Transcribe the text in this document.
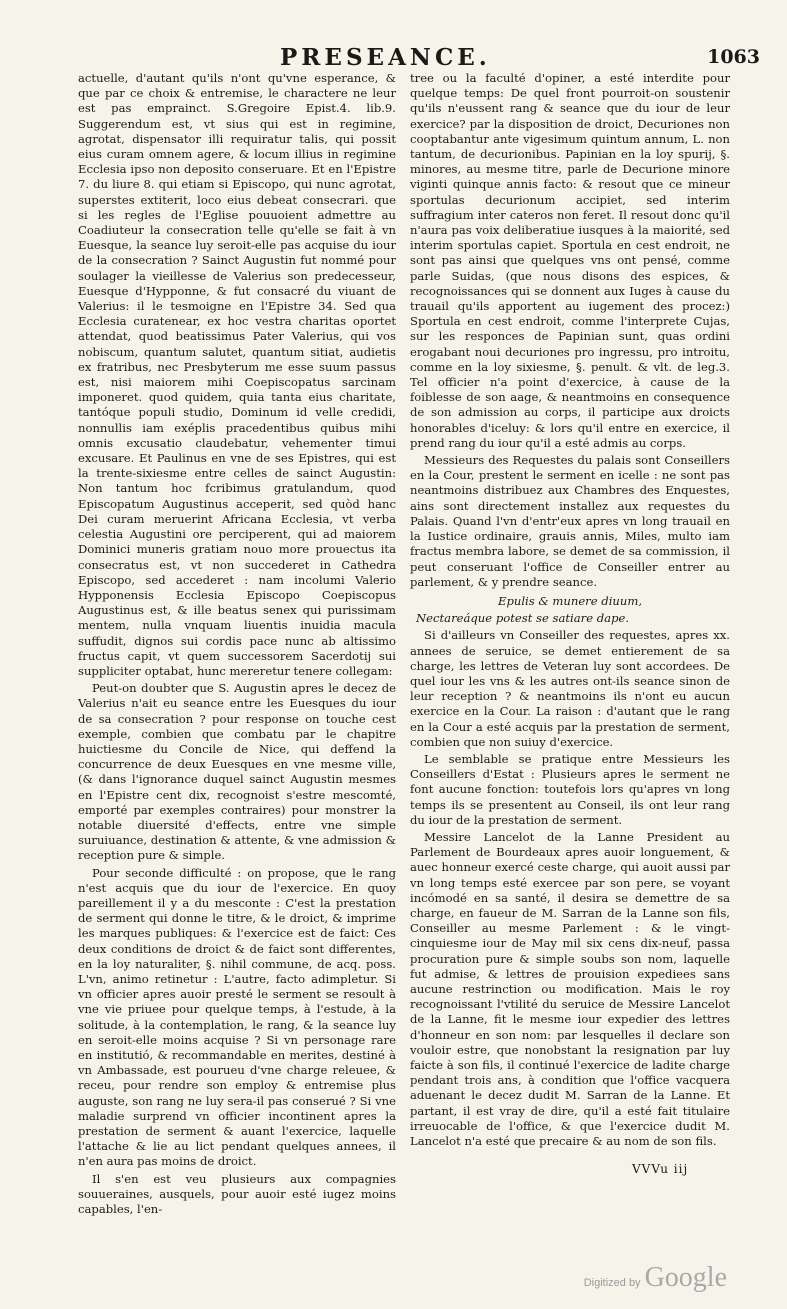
PRESEANCE.	1063

actuelle, d'autant qu'ils n'ont qu'vne esperance, & que par ce choix & entremise, le charactere ne leur est pas emprainct. S.Gregoire Epist.4. lib.9. Suggerendum est, vt sius qui est in regimine, agrotat, dispensator illi requiratur talis, qui possit eius curam omnem agere, & locum illius in regimine Ecclesia ipso non deposito conseruare. Et en l'Epistre 7. du liure 8. qui etiam si Episcopo, qui nunc agrotat, superstes extiterit, loco eius debeat consecrari. que si les regles de l'Eglise pouuoient admettre au Coadiuteur la consecration telle qu'elle se fait à vn Euesque, la seance luy seroit-elle pas acquise du iour de la consecration ? Sainct Augustin fut nommé pour soulager la vieillesse de Valerius son predecesseur, Euesque d'Hypponne, & fut consacré du viuant de Valerius: il le tesmoigne en l'Epistre 34. Sed qua Ecclesia curatenear, ex hoc vestra charitas oportet attendat, quod beatissimus Pater Valerius, qui vos nobiscum, quantum salutet, quantum sitiat, audietis ex fratribus, nec Presbyterum me esse suum passus est, nisi maiorem mihi Coepiscopatus sarcinam imponeret. quod quidem, quia tanta eius charitate, tantóque populi studio, Dominum id velle credidi, nonnullis iam exéplis pracedentibus quibus mihi omnis excusatio claudebatur, vehementer timui excusare. Et Paulinus en vne de ses Epistres, qui est la trente-sixiesme entre celles de sainct Augustin: Non tantum hoc fcribimus gratulandum, quod Episcopatum Augustinus acceperit, sed quòd hanc Dei curam meruerint Africana Ecclesia, vt verba celestia Augustini ore perciperent, qui ad maiorem Dominici muneris gratiam nouo more prouectus ita consecratus est, vt non succederet in Cathedra Episcopo, sed accederet : nam incolumi Valerio Hypponensis Ecclesia Episcopo Coepiscopus Augustinus est, & ille beatus senex qui purissimam mentem, nulla vnquam liuentis inuidia macula suffudit, dignos sui cordis pace nunc ab altissimo fructus capit, vt quem successorem Sacerdotij sui suppliciter optabat, hunc mereretur tenere collegam:

Peut-on doubter que S. Augustin apres le decez de Valerius n'ait eu seance entre les Euesques du iour de sa consecration ? pour response on touche cest exemple, combien que combatu par le chapitre huictiesme du Concile de Nice, qui deffend la concurrence de deux Euesques en vne mesme ville, (& dans l'ignorance duquel sainct Augustin mesmes en l'Epistre cent dix, recognoist s'estre mescomté, emporté par exemples contraires) pour monstrer la notable diuersité d'effects, entre vne simple suruiuance, destination & attente, & vne admission & reception pure & simple.

Pour seconde difficulté : on propose, que le rang n'est acquis que du iour de l'exercice. En quoy pareillement il y a du mesconte : C'est la prestation de serment qui donne le titre, & le droict, & imprime les marques publiques: & l'exercice est de faict: Ces deux conditions de droict & de faict sont differentes, en la loy naturaliter, §. nihil commune, de acq. poss. L'vn, animo retinetur : L'autre, facto adimpletur. Si vn officier apres auoir presté le serment se resoult à vne vie priuee pour quelque temps, à l'estude, à la solitude, à la contemplation, le rang, & la seance luy en seroit-elle moins acquise ? Si vn personage rare en institutió, & recommandable en merites, destiné à vn Ambassade, est pourueu d'vne charge releuee, & receu, pour rendre son employ & entremise plus auguste, son rang ne luy sera-il pas conserué ? Si vne maladie surprend vn officier incontinent apres la prestation de serment & auant l'exercice, laquelle l'attache & lie au lict pendant quelques annees, il n'en aura pas moins de droict.

Il s'en est veu plusieurs aux compagnies souueraines, ausquels, pour auoir esté iugez moins capables, l'en-

tree ou la faculté d'opiner, a esté interdite pour quelque temps: De quel front pourroit-on soustenir qu'ils n'eussent rang & seance que du iour de leur exercice? par la disposition de droict, Decuriones non cooptabantur ante vigesimum quintum annum, L. non tantum, de decurionibus. Papinian en la loy spurij, §. minores, au mesme titre, parle de Decurione minore viginti quinque annis facto: & resout que ce mineur sportulas decurionum accipiet, sed interim suffragium inter cateros non feret. Il resout donc qu'il n'aura pas voix deliberatiue iusques à la maiorité, sed interim sportulas capiet. Sportula en cest endroit, ne sont pas ainsi que quelques vns ont pensé, comme parle Suidas, (que nous disons des espices, & recognoissances qui se donnent aux Iuges à cause du trauail qu'ils apportent au iugement des procez:) Sportula en cest endroit, comme l'interprete Cujas, sur les responces de Papinian sunt, quas ordini erogabant noui decuriones pro ingressu, pro introitu, comme en la loy sixiesme, §. penult. & vlt. de leg.3. Tel officier n'a point d'exercice, à cause de la foiblesse de son aage, & neantmoins en consequence de son admission au corps, il participe aux droicts honorables d'iceluy: & lors qu'il entre en exercice, il prend rang du iour qu'il a esté admis au corps.

Messieurs des Requestes du palais sont Conseillers en la Cour, prestent le serment en icelle : ne sont pas neantmoins distribuez aux Chambres des Enquestes, ains sont directement installez aux requestes du Palais. Quand l'vn d'entr'eux apres vn long trauail en la Iustice ordinaire, grauis annis, Miles, multo iam fractus membra labore, se demet de sa commission, il peut conseruant l'office de Conseiller entrer au parlement, & y prendre seance.

Epulis & munere diuum,

Nectareáque potest se satiare dape.

Si d'ailleurs vn Conseiller des requestes, apres xx. annees de seruice, se demet entierement de sa charge, les lettres de Veteran luy sont accordees. De quel iour les vns & les autres ont-ils seance sinon de leur reception ? & neantmoins ils n'ont eu aucun exercice en la Cour. La raison : d'autant que le rang en la Cour a esté acquis par la prestation de serment, combien que non suiuy d'exercice.

Le semblable se pratique entre Messieurs les Conseillers d'Estat : Plusieurs apres le serment ne font aucune fonction: toutefois lors qu'apres vn long temps ils se presentent au Conseil, ils ont leur rang du iour de la prestation de serment.

Messire Lancelot de la Lanne President au Parlement de Bourdeaux apres auoir longuement, & auec honneur exercé ceste charge, qui auoit aussi par vn long temps esté exercee par son pere, se voyant incómodé en sa santé, il desira se demettre de sa charge, en faueur de M. Sarran de la Lanne son fils, Conseiller au mesme Parlement : & le vingt-cinquiesme iour de May mil six cens dix-neuf, passa procuration pure & simple soubs son nom, laquelle fut admise, & lettres de prouision expediees sans aucune restrinction ou modification. Mais le roy recognoissant l'vtilité du seruice de Messire Lancelot de la Lanne, fit le mesme iour expedier des lettres d'honneur en son nom: par lesquelles il declare son vouloir estre, que nonobstant la resignation par luy faicte à son fils, il continué l'exercice de ladite charge pendant trois ans, à condition que l'office vacquera aduenant le decez dudit M. Sarran de la Lanne. Et partant, il est vray de dire, qu'il a esté fait titulaire irreuocable de l'office, & que l'exercice dudit M. Lancelot n'a esté que precaire & au nom de son fils.

VVVu iij
Digitized by Google
